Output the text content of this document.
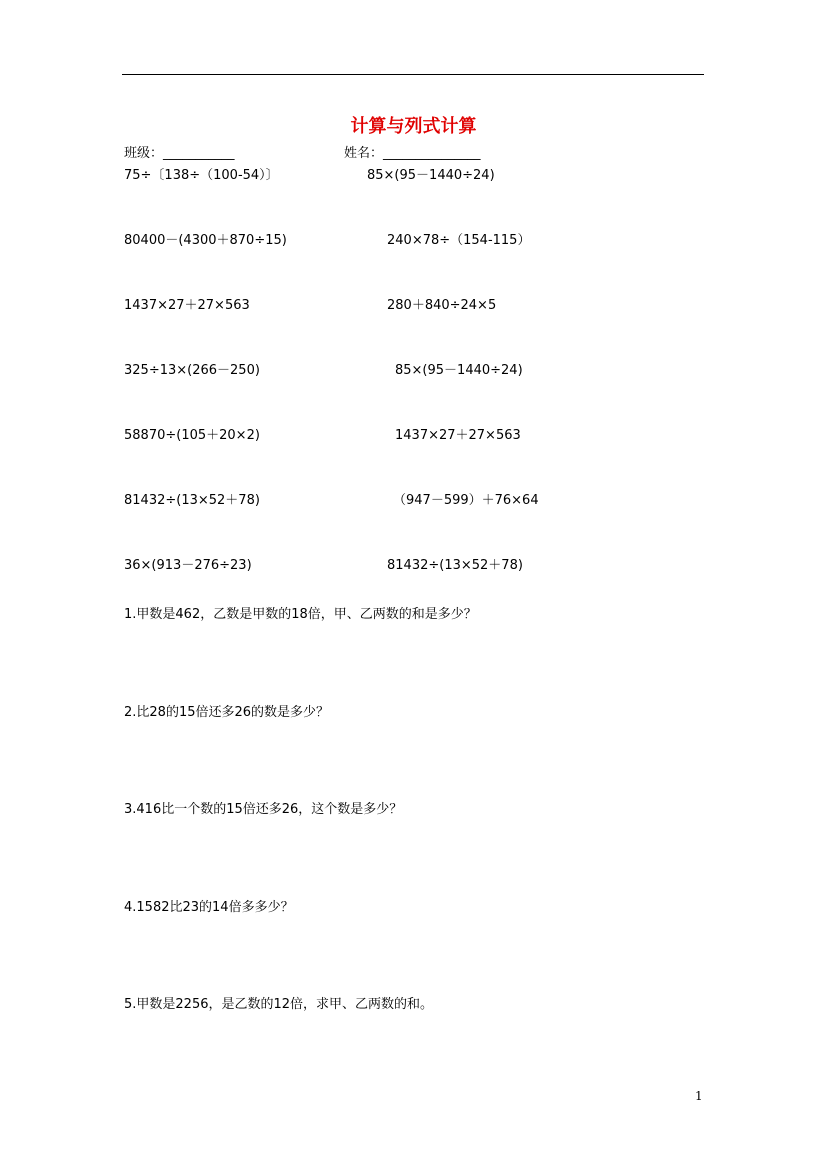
计算与列式计算
班级：___________	姓名：_______________
75÷〔138÷（100-54）〕	85×(95－1440÷24)
80400－(4300＋870÷15)	240×78÷（154-115）
1437×27＋27×563	280＋840÷24×5
325÷13×(266－250)	85×(95－1440÷24)
58870÷(105＋20×2)	1437×27＋27×563
81432÷(13×52＋78)	（947－599）＋76×64
36×(913－276÷23)	81432÷(13×52＋78)
1.甲数是462，乙数是甲数的18倍，甲、乙两数的和是多少？
2.比28的15倍还多26的数是多少？
3.416比一个数的15倍还多26，这个数是多少？
4.1582比23的14倍多多少？
5.甲数是2256，是乙数的12倍，求甲、乙两数的和。
1
